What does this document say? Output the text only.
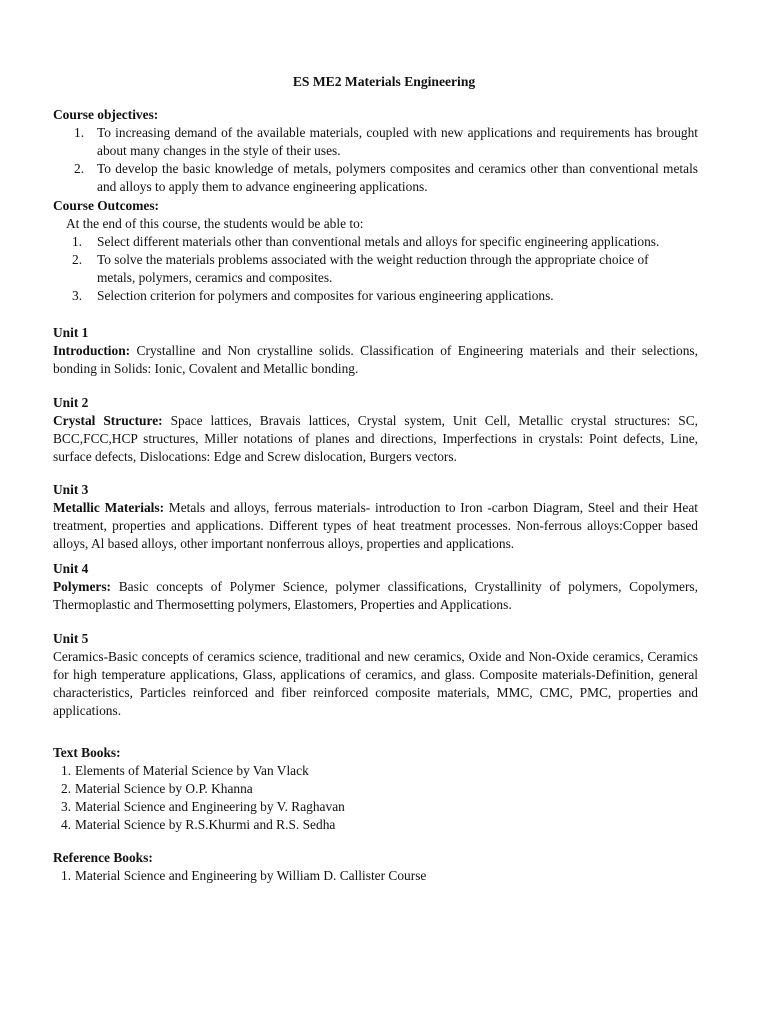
ES ME2 Materials Engineering
Course objectives:
1. To increasing demand of the available materials, coupled with new applications and requirements has brought about many changes in the style of their uses.
2. To develop the basic knowledge of metals, polymers composites and ceramics other than conventional metals and alloys to apply them to advance engineering applications.
Course Outcomes:
At the end of this course, the students would be able to:
1. Select different materials other than conventional metals and alloys for specific engineering applications.
2. To solve the materials problems associated with the weight reduction through the appropriate choice of metals, polymers, ceramics and composites.
3. Selection criterion for polymers and composites for various engineering applications.
Unit 1
Introduction: Crystalline and Non crystalline solids. Classification of Engineering materials and their selections, bonding in Solids: Ionic, Covalent and Metallic bonding.
Unit 2
Crystal Structure: Space lattices, Bravais lattices, Crystal system, Unit Cell, Metallic crystal structures: SC, BCC,FCC,HCP structures, Miller notations of planes and directions, Imperfections in crystals: Point defects, Line, surface defects, Dislocations: Edge and Screw dislocation, Burgers vectors.
Unit 3
Metallic Materials: Metals and alloys, ferrous materials- introduction to Iron -carbon Diagram, Steel and their Heat treatment, properties and applications. Different types of heat treatment processes. Non-ferrous alloys:Copper based alloys, Al based alloys, other important nonferrous alloys, properties and applications.
Unit 4
Polymers: Basic concepts of Polymer Science, polymer classifications, Crystallinity of polymers, Copolymers, Thermoplastic and Thermosetting polymers, Elastomers, Properties and Applications.
Unit 5
Ceramics-Basic concepts of ceramics science, traditional and new ceramics, Oxide and Non-Oxide ceramics, Ceramics for high temperature applications, Glass, applications of ceramics, and glass. Composite materials-Definition, general characteristics, Particles reinforced and fiber reinforced composite materials, MMC, CMC, PMC, properties and applications.
Text Books:
1. Elements of Material Science by Van Vlack
2. Material Science by O.P. Khanna
3. Material Science and Engineering by V. Raghavan
4. Material Science by R.S.Khurmi and R.S. Sedha
Reference Books:
1. Material Science and Engineering by William D. Callister Course
